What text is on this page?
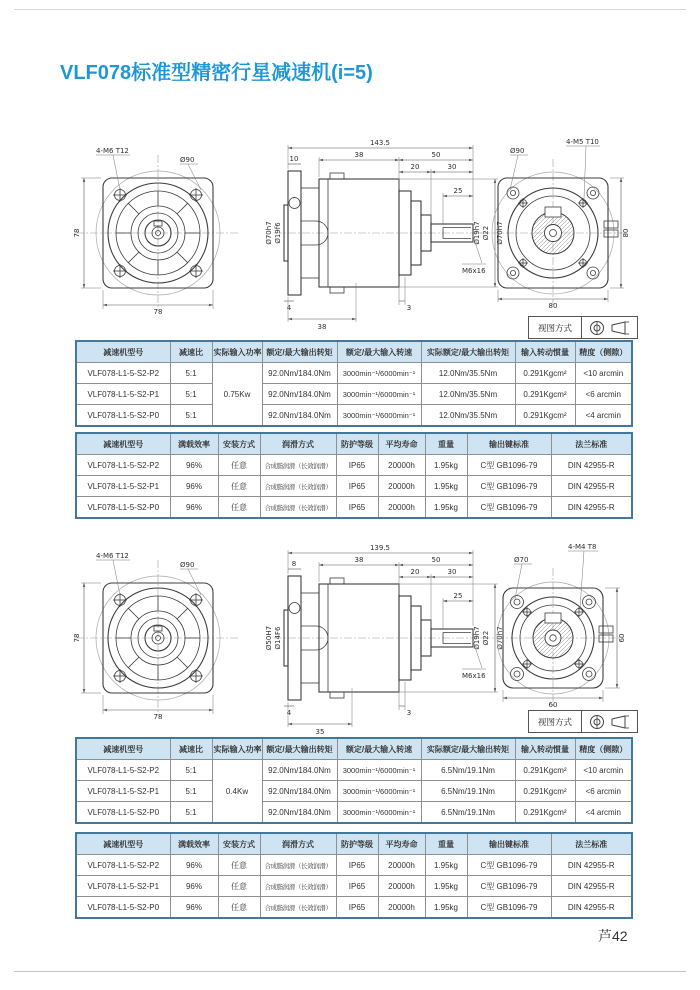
VLF078标准型精密行星减速机(i=5)
78
78
4-M6 T12
Ø90
143.5
38	50
20	30
25
10
Ø70h7 Ø19f6	Ø19h7 Ø22 Ø70h7
M6x16
4
38
3
80
80
4-M5 T10
Ø90
视图方式
减速机型号	减速比	实际输入功率	额定/最大输出转矩	额定/最大输入转速	实际额定/最大输出转矩	输入转动惯量	精度（侧隙）
VLF078-L1-5-S2-P2	5:1	0.75Kw	92.0Nm/184.0Nm	3000min⁻¹/6000min⁻¹	12.0Nm/35.5Nm	0.291Kgcm²	<10 arcmin
VLF078-L1-5-S2-P1	5:1		92.0Nm/184.0Nm	3000min⁻¹/6000min⁻¹	12.0Nm/35.5Nm	0.291Kgcm²	<6 arcmin
VLF078-L1-5-S2-P0	5:1		92.0Nm/184.0Nm	3000min⁻¹/6000min⁻¹	12.0Nm/35.5Nm	0.291Kgcm²	<4 arcmin
减速机型号	满载效率	安装方式	润滑方式	防护等级	平均寿命	重量	输出键标准	法兰标准
VLF078-L1-5-S2-P2	96%	任意	合成脂润滑（长效润滑）	IP65	20000h	1.95kg	C型 GB1096-79	DIN 42955-R
VLF078-L1-5-S2-P1	96%	任意	合成脂润滑（长效润滑）	IP65	20000h	1.95kg	C型 GB1096-79	DIN 42955-R
VLF078-L1-5-S2-P0	96%	任意	合成脂润滑（长效润滑）	IP65	20000h	1.95kg	C型 GB1096-79	DIN 42955-R
78
78
4-M6 T12
Ø90
139.5
38	50
20	30
25
8
Ø50H7 Ø14F6	Ø19h7 Ø22 Ø70h7
M6x16
4
35
3
60
60
4-M4 T8
Ø70
视图方式
减速机型号	减速比	实际输入功率	额定/最大输出转矩	额定/最大输入转速	实际额定/最大输出转矩	输入转动惯量	精度（侧隙）
VLF078-L1-5-S2-P2	5:1	0.4Kw	92.0Nm/184.0Nm	3000min⁻¹/6000min⁻¹	6.5Nm/19.1Nm	0.291Kgcm²	<10 arcmin
VLF078-L1-5-S2-P1	5:1		92.0Nm/184.0Nm	3000min⁻¹/6000min⁻¹	6.5Nm/19.1Nm	0.291Kgcm²	<6 arcmin
VLF078-L1-5-S2-P0	5:1		92.0Nm/184.0Nm	3000min⁻¹/6000min⁻¹	6.5Nm/19.1Nm	0.291Kgcm²	<4 arcmin
减速机型号	满载效率	安装方式	润滑方式	防护等级	平均寿命	重量	输出键标准	法兰标准
VLF078-L1-5-S2-P2	96%	任意	合成脂润滑（长效润滑）	IP65	20000h	1.95kg	C型 GB1096-79	DIN 42955-R
VLF078-L1-5-S2-P1	96%	任意	合成脂润滑（长效润滑）	IP65	20000h	1.95kg	C型 GB1096-79	DIN 42955-R
VLF078-L1-5-S2-P0	96%	任意	合成脂润滑（长效润滑）	IP65	20000h	1.95kg	C型 GB1096-79	DIN 42955-R
芦42
